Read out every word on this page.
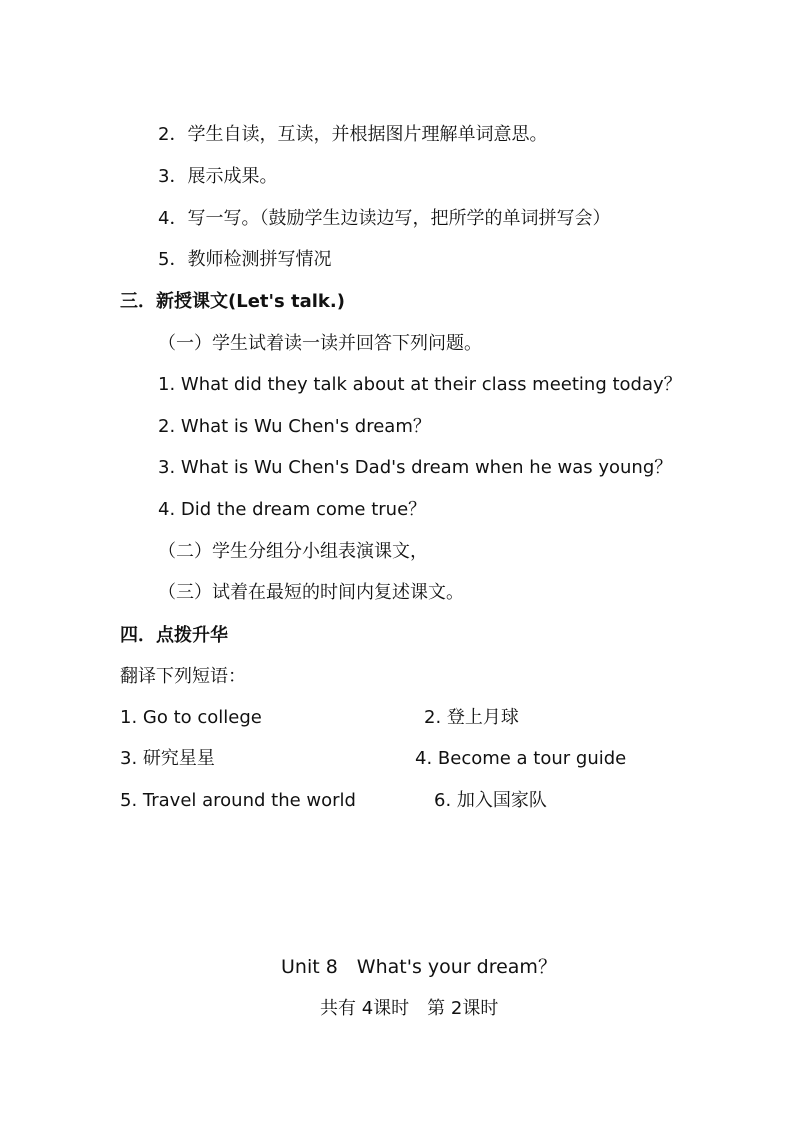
2．学生自读，互读，并根据图片理解单词意思。
3．展示成果。
4．写一写。（鼓励学生边读边写，把所学的单词拼写会）
5．教师检测拼写情况
三．新授课文(Let's talk.)
（一）学生试着读一读并回答下列问题。
1. What did they talk about at their class meeting today？
2. What is Wu Chen's dream？
3. What is Wu Chen's Dad's dream when he was young？
4. Did the dream come true？
（二）学生分组分小组表演课文，
（三）试着在最短的时间内复述课文。
四．点拨升华
翻译下列短语：
1. Go to college	2. 登上月球
3. 研究星星	4. Become a tour guide
5. Travel around the world	6. 加入国家队
Unit 8　What's your dream？
共有 4课时　第 2课时
